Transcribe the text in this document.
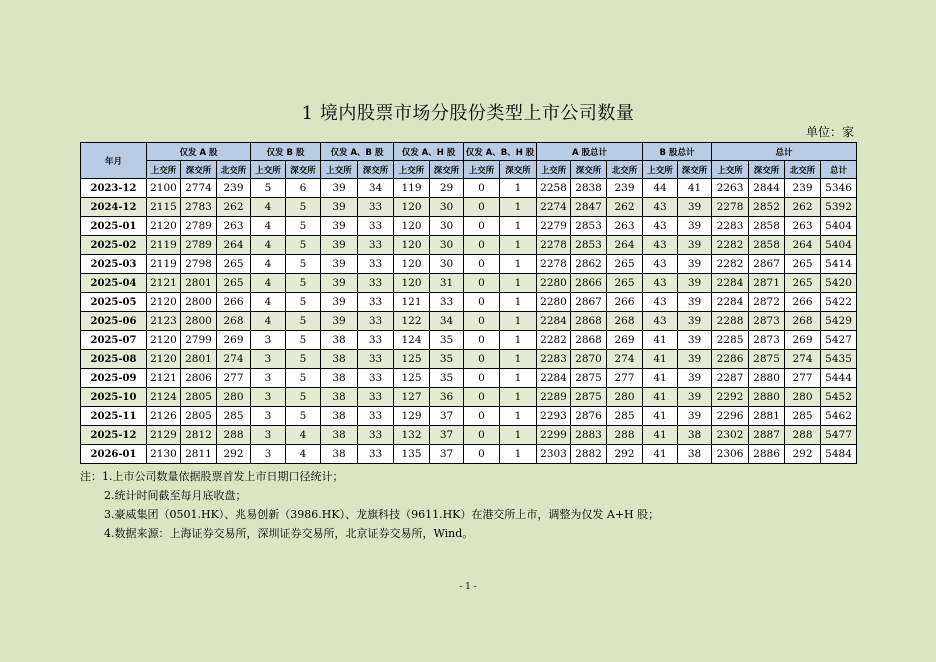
1 境内股票市场分股份类型上市公司数量
单位：家
年月	仅发 A 股			仅发 B 股		仅发 A、B 股		仅发 A、H 股		仅发 A、B、H 股		A 股总计			B 股总计		总计			
	上交所	深交所	北交所	上交所	深交所	上交所	深交所	上交所	深交所	上交所	深交所	上交所	深交所	北交所	上交所	深交所	上交所	深交所	北交所	总计
2023-12	2100	2774	239	5	6	39	34	119	29	0	1	2258	2838	239	44	41	2263	2844	239	5346
2024-12	2115	2783	262	4	5	39	33	120	30	0	1	2274	2847	262	43	39	2278	2852	262	5392
2025-01	2120	2789	263	4	5	39	33	120	30	0	1	2279	2853	263	43	39	2283	2858	263	5404
2025-02	2119	2789	264	4	5	39	33	120	30	0	1	2278	2853	264	43	39	2282	2858	264	5404
2025-03	2119	2798	265	4	5	39	33	120	30	0	1	2278	2862	265	43	39	2282	2867	265	5414
2025-04	2121	2801	265	4	5	39	33	120	31	0	1	2280	2866	265	43	39	2284	2871	265	5420
2025-05	2120	2800	266	4	5	39	33	121	33	0	1	2280	2867	266	43	39	2284	2872	266	5422
2025-06	2123	2800	268	4	5	39	33	122	34	0	1	2284	2868	268	43	39	2288	2873	268	5429
2025-07	2120	2799	269	3	5	38	33	124	35	0	1	2282	2868	269	41	39	2285	2873	269	5427
2025-08	2120	2801	274	3	5	38	33	125	35	0	1	2283	2870	274	41	39	2286	2875	274	5435
2025-09	2121	2806	277	3	5	38	33	125	35	0	1	2284	2875	277	41	39	2287	2880	277	5444
2025-10	2124	2805	280	3	5	38	33	127	36	0	1	2289	2875	280	41	39	2292	2880	280	5452
2025-11	2126	2805	285	3	5	38	33	129	37	0	1	2293	2876	285	41	39	2296	2881	285	5462
2025-12	2129	2812	288	3	4	38	33	132	37	0	1	2299	2883	288	41	38	2302	2887	288	5477
2026-01	2130	2811	292	3	4	38	33	135	37	0	1	2303	2882	292	41	38	2306	2886	292	5484
注：1.上市公司数量依据股票首发上市日期口径统计；
2.统计时间截至每月底收盘；
3.豪威集团（0501.HK）、兆易创新（3986.HK）、龙旗科技（9611.HK）在港交所上市，调整为仅发 A+H 股；
4.数据来源：上海证券交易所，深圳证券交易所，北京证券交易所，Wind。
- 1 -
